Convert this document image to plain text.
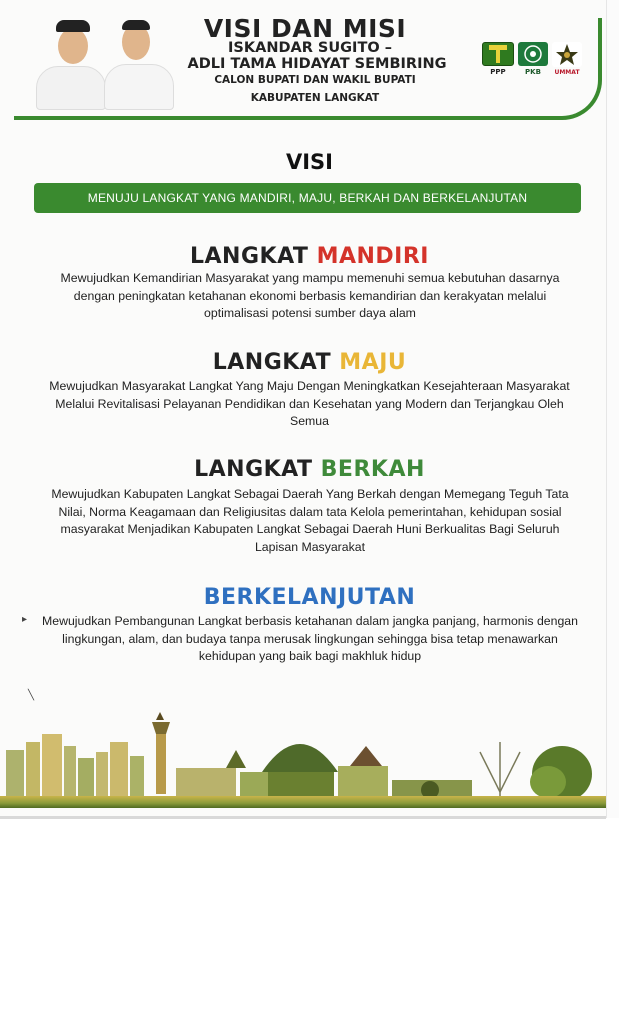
VISI DAN MISI
ISKANDAR SUGITO –
ADLI TAMA HIDAYAT SEMBIRING
CALON BUPATI DAN WAKIL BUPATI
KABUPATEN LANGKAT
PPP	PKB UMMAT
VISI
MENUJU LANGKAT YANG MANDIRI, MAJU, BERKAH DAN BERKELANJUTAN
LANGKAT MANDIRI
Mewujudkan Kemandirian Masyarakat yang mampu memenuhi semua kebutuhan dasarnya
dengan peningkatan ketahanan ekonomi berbasis kemandirian dan kerakyatan melalui
optimalisasi potensi sumber daya alam
LANGKAT MAJU
Mewujudkan Masyarakat Langkat Yang Maju Dengan Meningkatkan Kesejahteraan Masyarakat
Melalui Revitalisasi Pelayanan Pendidikan dan Kesehatan yang Modern dan Terjangkau Oleh
Semua
LANGKAT BERKAH
Mewujudkan Kabupaten Langkat Sebagai Daerah Yang Berkah dengan Memegang Teguh Tata
Nilai, Norma Keagamaan dan Religiusitas dalam tata Kelola pemerintahan, kehidupan sosial
masyarakat Menjadikan Kabupaten Langkat Sebagai Daerah Huni Berkualitas Bagi Seluruh
Lapisan Masyarakat
BERKELANJUTAN
Mewujudkan Pembangunan Langkat berbasis ketahanan dalam jangka panjang, harmonis dengan
lingkungan, alam, dan budaya tanpa merusak lingkungan sehingga bisa tetap menawarkan
kehidupan yang baik bagi makhluk hidup
▸
╲
